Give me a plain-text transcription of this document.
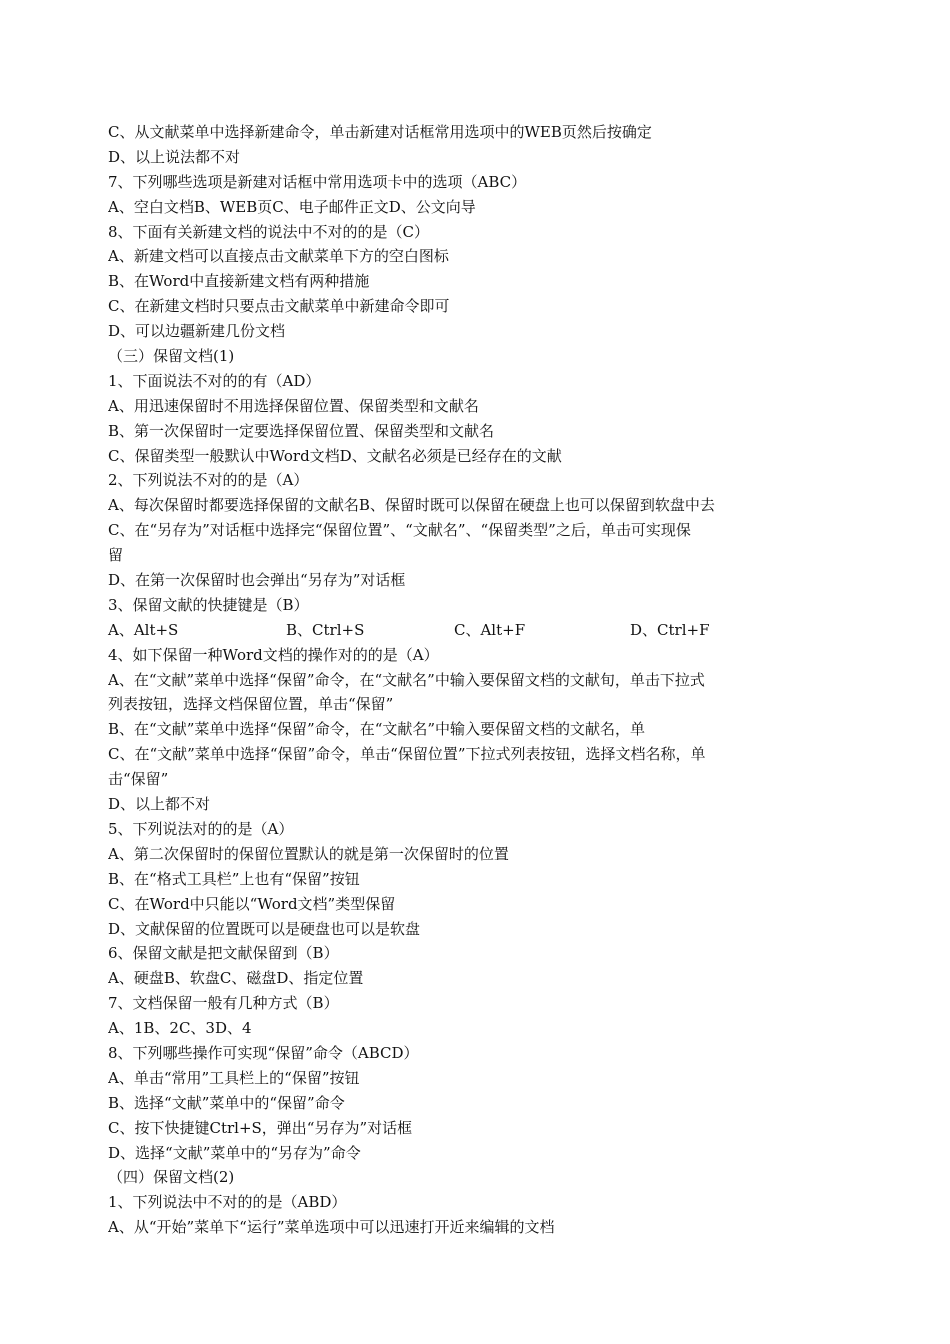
C、从文献菜单中选择新建命令，单击新建对话框常用选项中的WEB页然后按确定
D、以上说法都不对
7、下列哪些选项是新建对话框中常用选项卡中的选项（ABC）
A、空白文档B、WEB页C、电子邮件正文D、公文向导
8、下面有关新建文档的说法中不对的的是（C）
A、新建文档可以直接点击文献菜单下方的空白图标
B、在Word中直接新建文档有两种措施
C、在新建文档时只要点击文献菜单中新建命令即可
D、可以边疆新建几份文档
（三）保留文档(1)
1、下面说法不对的的有（AD）
A、用迅速保留时不用选择保留位置、保留类型和文献名
B、第一次保留时一定要选择保留位置、保留类型和文献名
C、保留类型一般默认中Word文档D、文献名必须是已经存在的文献
2、下列说法不对的的是（A）
A、每次保留时都要选择保留的文献名B、保留时既可以保留在硬盘上也可以保留到软盘中去
C、在“另存为”对话框中选择完“保留位置”、“文献名”、“保留类型”之后，单击可实现保
留
D、在第一次保留时也会弹出“另存为”对话框
3、保留文献的快捷键是（B）
A、Alt+S	B、Ctrl+S	C、Alt+F	D、Ctrl+F
4、如下保留一种Word文档的操作对的的是（A）
A、在“文献”菜单中选择“保留”命令，在“文献名”中输入要保留文档的文献旬，单击下拉式
列表按钮，选择文档保留位置，单击“保留”
B、在“文献”菜单中选择“保留”命令，在“文献名”中输入要保留文档的文献名，单
C、在“文献”菜单中选择“保留”命令，单击“保留位置”下拉式列表按钮，选择文档名称，单
击“保留”
D、以上都不对
5、下列说法对的的是（A）
A、第二次保留时的保留位置默认的就是第一次保留时的位置
B、在“格式工具栏”上也有“保留”按钮
C、在Word中只能以“Word文档”类型保留
D、文献保留的位置既可以是硬盘也可以是软盘
6、保留文献是把文献保留到（B）
A、硬盘B、软盘C、磁盘D、指定位置
7、文档保留一般有几种方式（B）
A、1B、2C、3D、4
8、下列哪些操作可实现“保留”命令（ABCD）
A、单击“常用”工具栏上的“保留”按钮
B、选择“文献”菜单中的“保留”命令
C、按下快捷键Ctrl+S，弹出“另存为”对话框
D、选择“文献”菜单中的“另存为”命令
（四）保留文档(2)
1、下列说法中不对的的是（ABD）
A、从“开始”菜单下“运行”菜单选项中可以迅速打开近来编辑的文档
